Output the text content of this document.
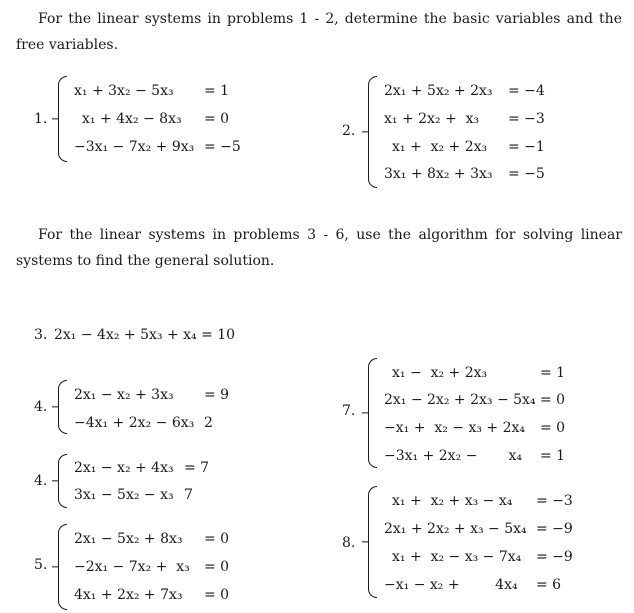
For the linear systems in problems 1 - 2, determine the basic variables and the free variables.

1.
x₁ + 3x₂ − 5x₃
x₁ + 4x₂ − 8x₃
−3x₁ − 7x₂ + 9x₃
= 1
= 0
= −5
2.
2x₁ + 5x₂ + 2x₃
x₁ + 2x₂ +  x₃
x₁ +  x₂ + 2x₃
3x₁ + 8x₂ + 3x₃
= −4
= −3
= −1
= −5

For the linear systems in problems 3 - 6, use the algorithm for solving linear systems to find the general solution.

3. 2x₁ − 4x₂ + 5x₃ + x₄ = 10
4.
2x₁ − x₂ + 3x₃
−4x₁ + 2x₂ − 6x₃
= 9
2
4.
2x₁ − x₂ + 4x₃
3x₁ − 5x₂ − x₃
= 7
7
5.
2x₁ − 5x₂ + 8x₃
−2x₁ − 7x₂ +  x₃
4x₁ + 2x₂ + 7x₃
= 0
= 0
= 0
7.
x₁ −  x₂ + 2x₃
2x₁ − 2x₂ + 2x₃ − 5x₄
−x₁ +  x₂ − x₃ + 2x₄
−3x₁ + 2x₂ −       x₄
= 1
= 0
= 0
= 1
8.
x₁ +  x₂ + x₃ − x₄
2x₁ + 2x₂ + x₃ − 5x₄
x₁ +  x₂ − x₃ − 7x₄
−x₁ − x₂ +        4x₄
= −3
= −9
= −9
= 6
